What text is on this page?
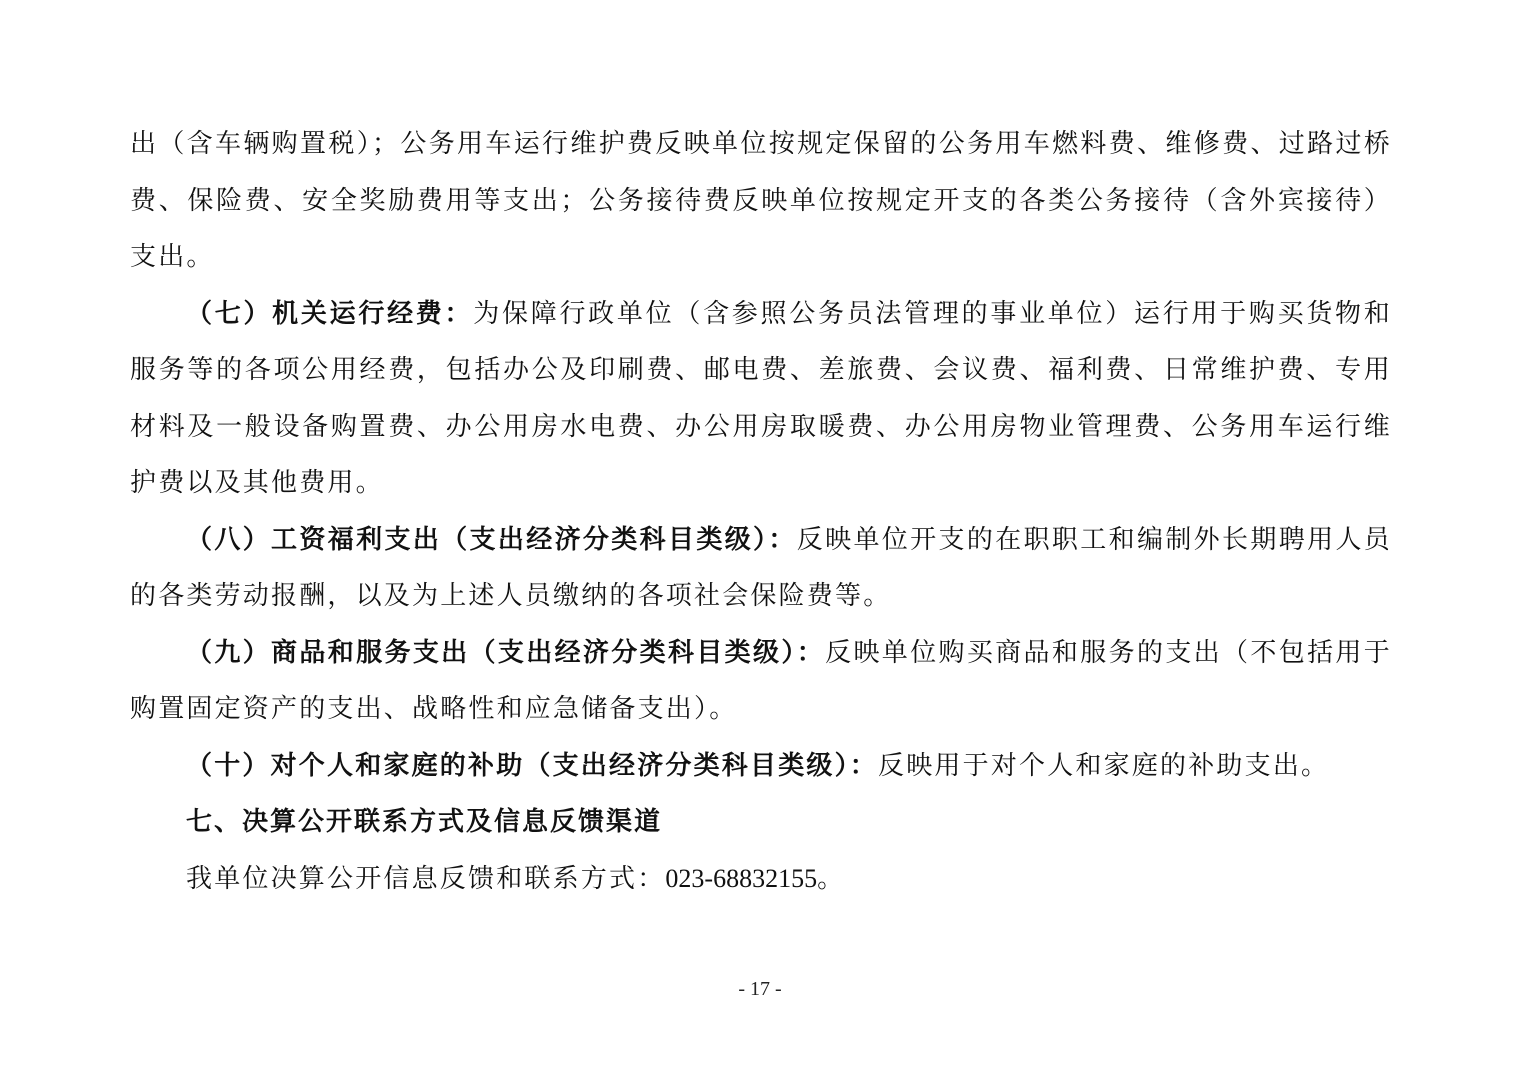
出（含车辆购置税）；公务用车运行维护费反映单位按规定保留的公务用车燃料费、维修费、过路过桥费、保险费、安全奖励费用等支出；公务接待费反映单位按规定开支的各类公务接待（含外宾接待）支出。

（七）机关运行经费：为保障行政单位（含参照公务员法管理的事业单位）运行用于购买货物和服务等的各项公用经费，包括办公及印刷费、邮电费、差旅费、会议费、福利费、日常维护费、专用材料及一般设备购置费、办公用房水电费、办公用房取暖费、办公用房物业管理费、公务用车运行维护费以及其他费用。

（八）工资福利支出（支出经济分类科目类级）：反映单位开支的在职职工和编制外长期聘用人员的各类劳动报酬，以及为上述人员缴纳的各项社会保险费等。

（九）商品和服务支出（支出经济分类科目类级）：反映单位购买商品和服务的支出（不包括用于购置固定资产的支出、战略性和应急储备支出）。

（十）对个人和家庭的补助（支出经济分类科目类级）：反映用于对个人和家庭的补助支出。

七、决算公开联系方式及信息反馈渠道

我单位决算公开信息反馈和联系方式：023-68832155。

- 17 -
